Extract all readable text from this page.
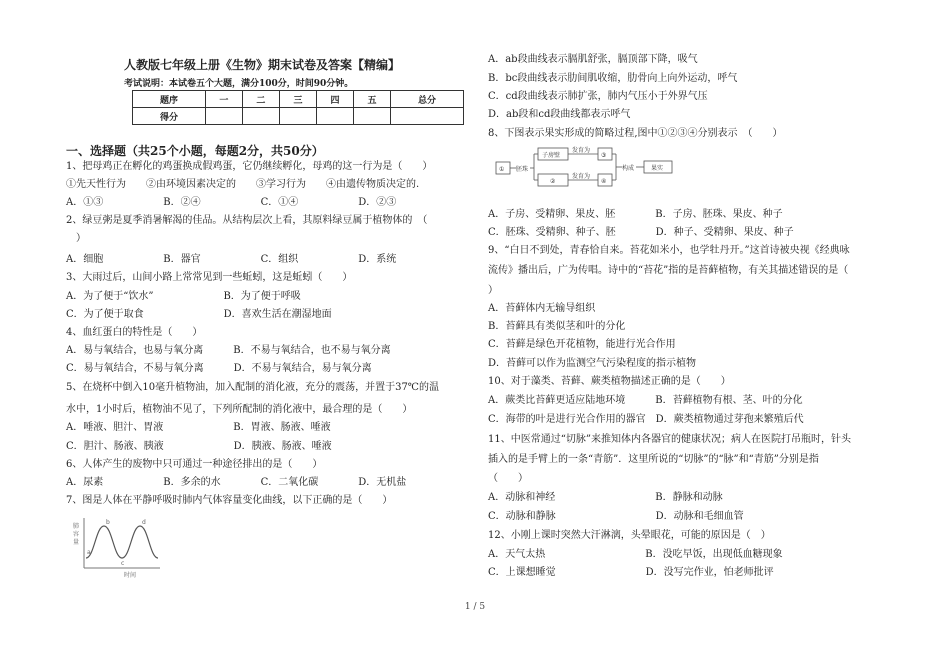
人教版七年级上册《生物》期末试卷及答案【精编】
考试说明：本试卷五个大题，满分100分，时间90分钟。
题序	一	二	三	四	五	总分
得分						
一、选择题（共25个小题，每题2分，共50分）
1、把母鸡正在孵化的鸡蛋换成假鸡蛋，它仍继续孵化，母鸡的这一行为是（　　）
①先天性行为　　②由环境因素决定的　　③学习行为　　④由遗传物质决定的.
A．①③　　　　　　B．②④　　　　　　C．①④　　　　　　D．②③
2、绿豆粥是夏季消暑解渴的佳品。从结构层次上看，其原料绿豆属于植物体的　（
　）
A．细胞　　　　　　B．器官　　　　　　C．组织　　　　　　D．系统
3、大雨过后，山间小路上常常见到一些蚯蚓，这是蚯蚓（　　）
A．为了便于“饮水”　　　　　　　B．为了便于呼吸
C．为了便于取食　　　　　　　　D．喜欢生活在潮湿地面
4、血红蛋白的特性是（　　）
A．易与氧结合，也易与氧分离　　　B．不易与氧结合，也不易与氧分离
C．易与氧结合，不易与氧分离　　　D．不易与氧结合，易与氧分离
5、在烧杯中倒入10毫升植物油，加入配制的消化液，充分的震荡，并置于37℃的温
水中，1小时后，植物油不见了，下列所配制的消化液中，最合理的是（　　）
A．唾液、胆汁、胃液　　　　　　　B．胃液、肠液、唾液
C．胆汁、肠液、胰液　　　　　　　D．胰液、肠液、唾液
6、人体产生的废物中只可通过一种途径排出的是（　　）
A．尿素　　　　　　B．多余的水　　　　C．二氧化碳　　　　D．无机盐
7、图是人体在平静呼吸时肺内气体容量变化曲线，以下正确的是（　　）
肺
容
量
a
b
c
d
时间
A．ab段曲线表示膈肌舒张，膈顶部下降，吸气
B．bc段曲线表示肋间肌收缩，肋骨向上向外运动，呼气
C．cd段曲线表示肺扩张，肺内气压小于外界气压
D．ab段和cd段曲线都表示呼气
8、下图表示果实形成的简略过程,图中①②③④分别表示　（　　）
① 胚珠
子房壁
②
发育为
发育为
③
④
构成	果实
A．子房、受精卵、果皮、胚　　　　B．子房、胚珠、果皮、种子
C．胚珠、受精卵、种子、胚　　　　D．种子、受精卵、果皮、种子
9、“白日不到处，青春恰自来。苔花如米小，也学牡丹开。”这首诗被央视《经典咏
流传》播出后，广为传唱。诗中的“苔花”指的是苔藓植物，有关其描述错误的是（
）
A．苔藓体内无输导组织
B．苔藓具有类似茎和叶的分化
C．苔藓是绿色开花植物，能进行光合作用
D．苔藓可以作为监测空气污染程度的指示植物
10、对于藻类、苔藓、蕨类植物描述正确的是（　　）
A．蕨类比苔藓更适应陆地环境　　　B．苔藓植物有根、茎、叶的分化
C．海带的叶是进行光合作用的器官　D．蕨类植物通过芽孢来繁殖后代
11、中医常通过“切脉”来推知体内各器官的健康状况；病人在医院打吊瓶时，针头
插入的是手臂上的一条“青筋”．这里所说的“切脉”的“脉”和“青筋”分别是指
（　　）
A．动脉和神经　　　　　　　　　　B．静脉和动脉
C．动脉和静脉　　　　　　　　　　D．动脉和毛细血管
12、小刚上课时突然大汗淋漓，头晕眼花，可能的原因是（　）
A．天气太热　　　　　　　　　　B．没吃早饭，出现低血糖现象
C．上课想睡觉　　　　　　　　　D．没写完作业，怕老师批评
1 / 5
